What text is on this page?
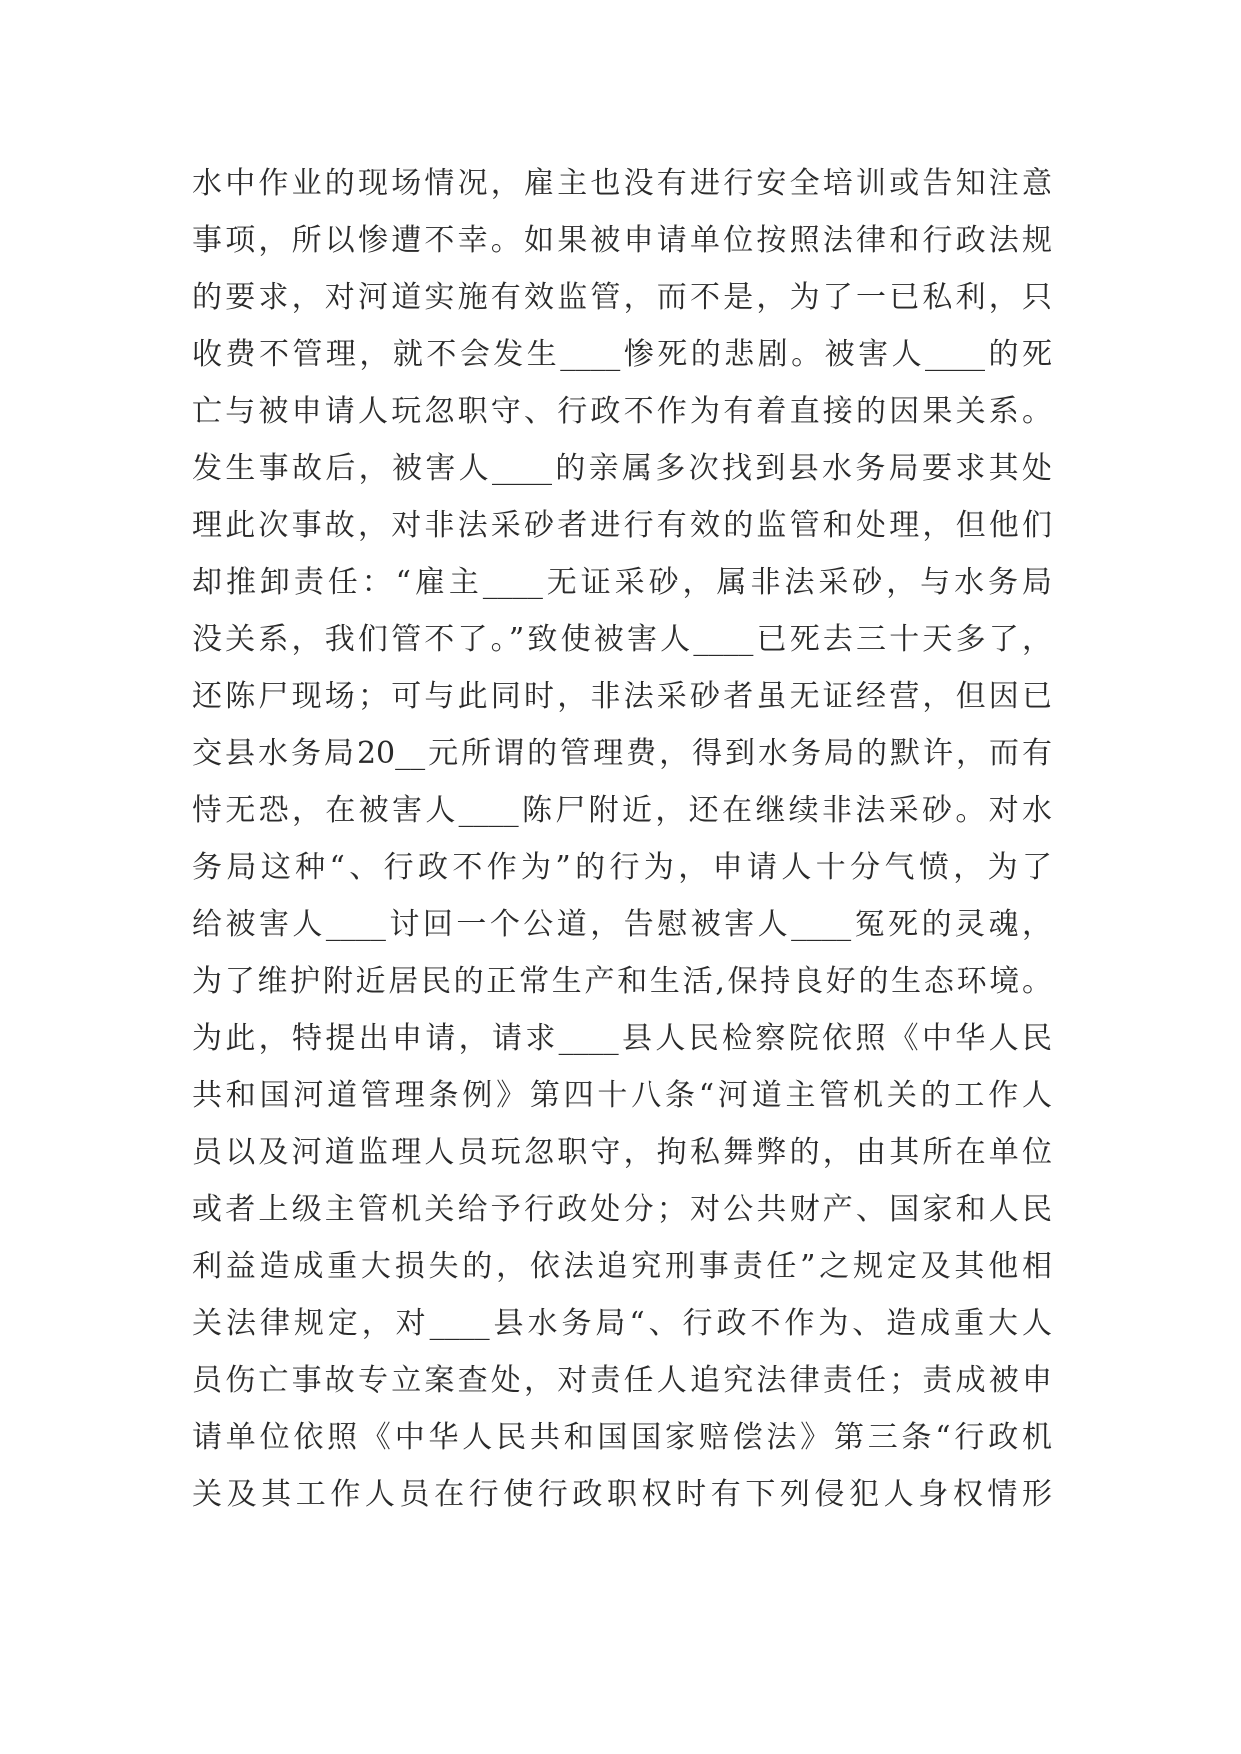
水中作业的现场情况，雇主也没有进行安全培训或告知注意
事项，所以惨遭不幸。如果被申请单位按照法律和行政法规
的要求，对河道实施有效监管，而不是，为了一已私利，只
收费不管理，就不会发生____惨死的悲剧。被害人____的死
亡与被申请人玩忽职守、行政不作为有着直接的因果关系。
发生事故后，被害人____的亲属多次找到县水务局要求其处
理此次事故，对非法采砂者进行有效的监管和处理，但他们
却推卸责任：“雇主____无证采砂，属非法采砂，与水务局
没关系，我们管不了。”致使被害人____已死去三十天多了，
还陈尸现场；可与此同时，非法采砂者虽无证经营，但因已
交县水务局20__元所谓的管理费，得到水务局的默许，而有
恃无恐，在被害人____陈尸附近，还在继续非法采砂。对水
务局这种“、行政不作为”的行为，申请人十分气愤，为了
给被害人____讨回一个公道，告慰被害人____冤死的灵魂，
为了维护附近居民的正常生产和生活,保持良好的生态环境。
为此，特提出申请，请求____县人民检察院依照《中华人民
共和国河道管理条例》第四十八条“河道主管机关的工作人
员以及河道监理人员玩忽职守，拘私舞弊的，由其所在单位
或者上级主管机关给予行政处分；对公共财产、国家和人民
利益造成重大损失的，依法追究刑事责任”之规定及其他相
关法律规定，对____县水务局“、行政不作为、造成重大人
员伤亡事故专立案查处，对责任人追究法律责任；责成被申
请单位依照《中华人民共和国国家赔偿法》第三条“行政机
关及其工作人员在行使行政职权时有下列侵犯人身权情形
